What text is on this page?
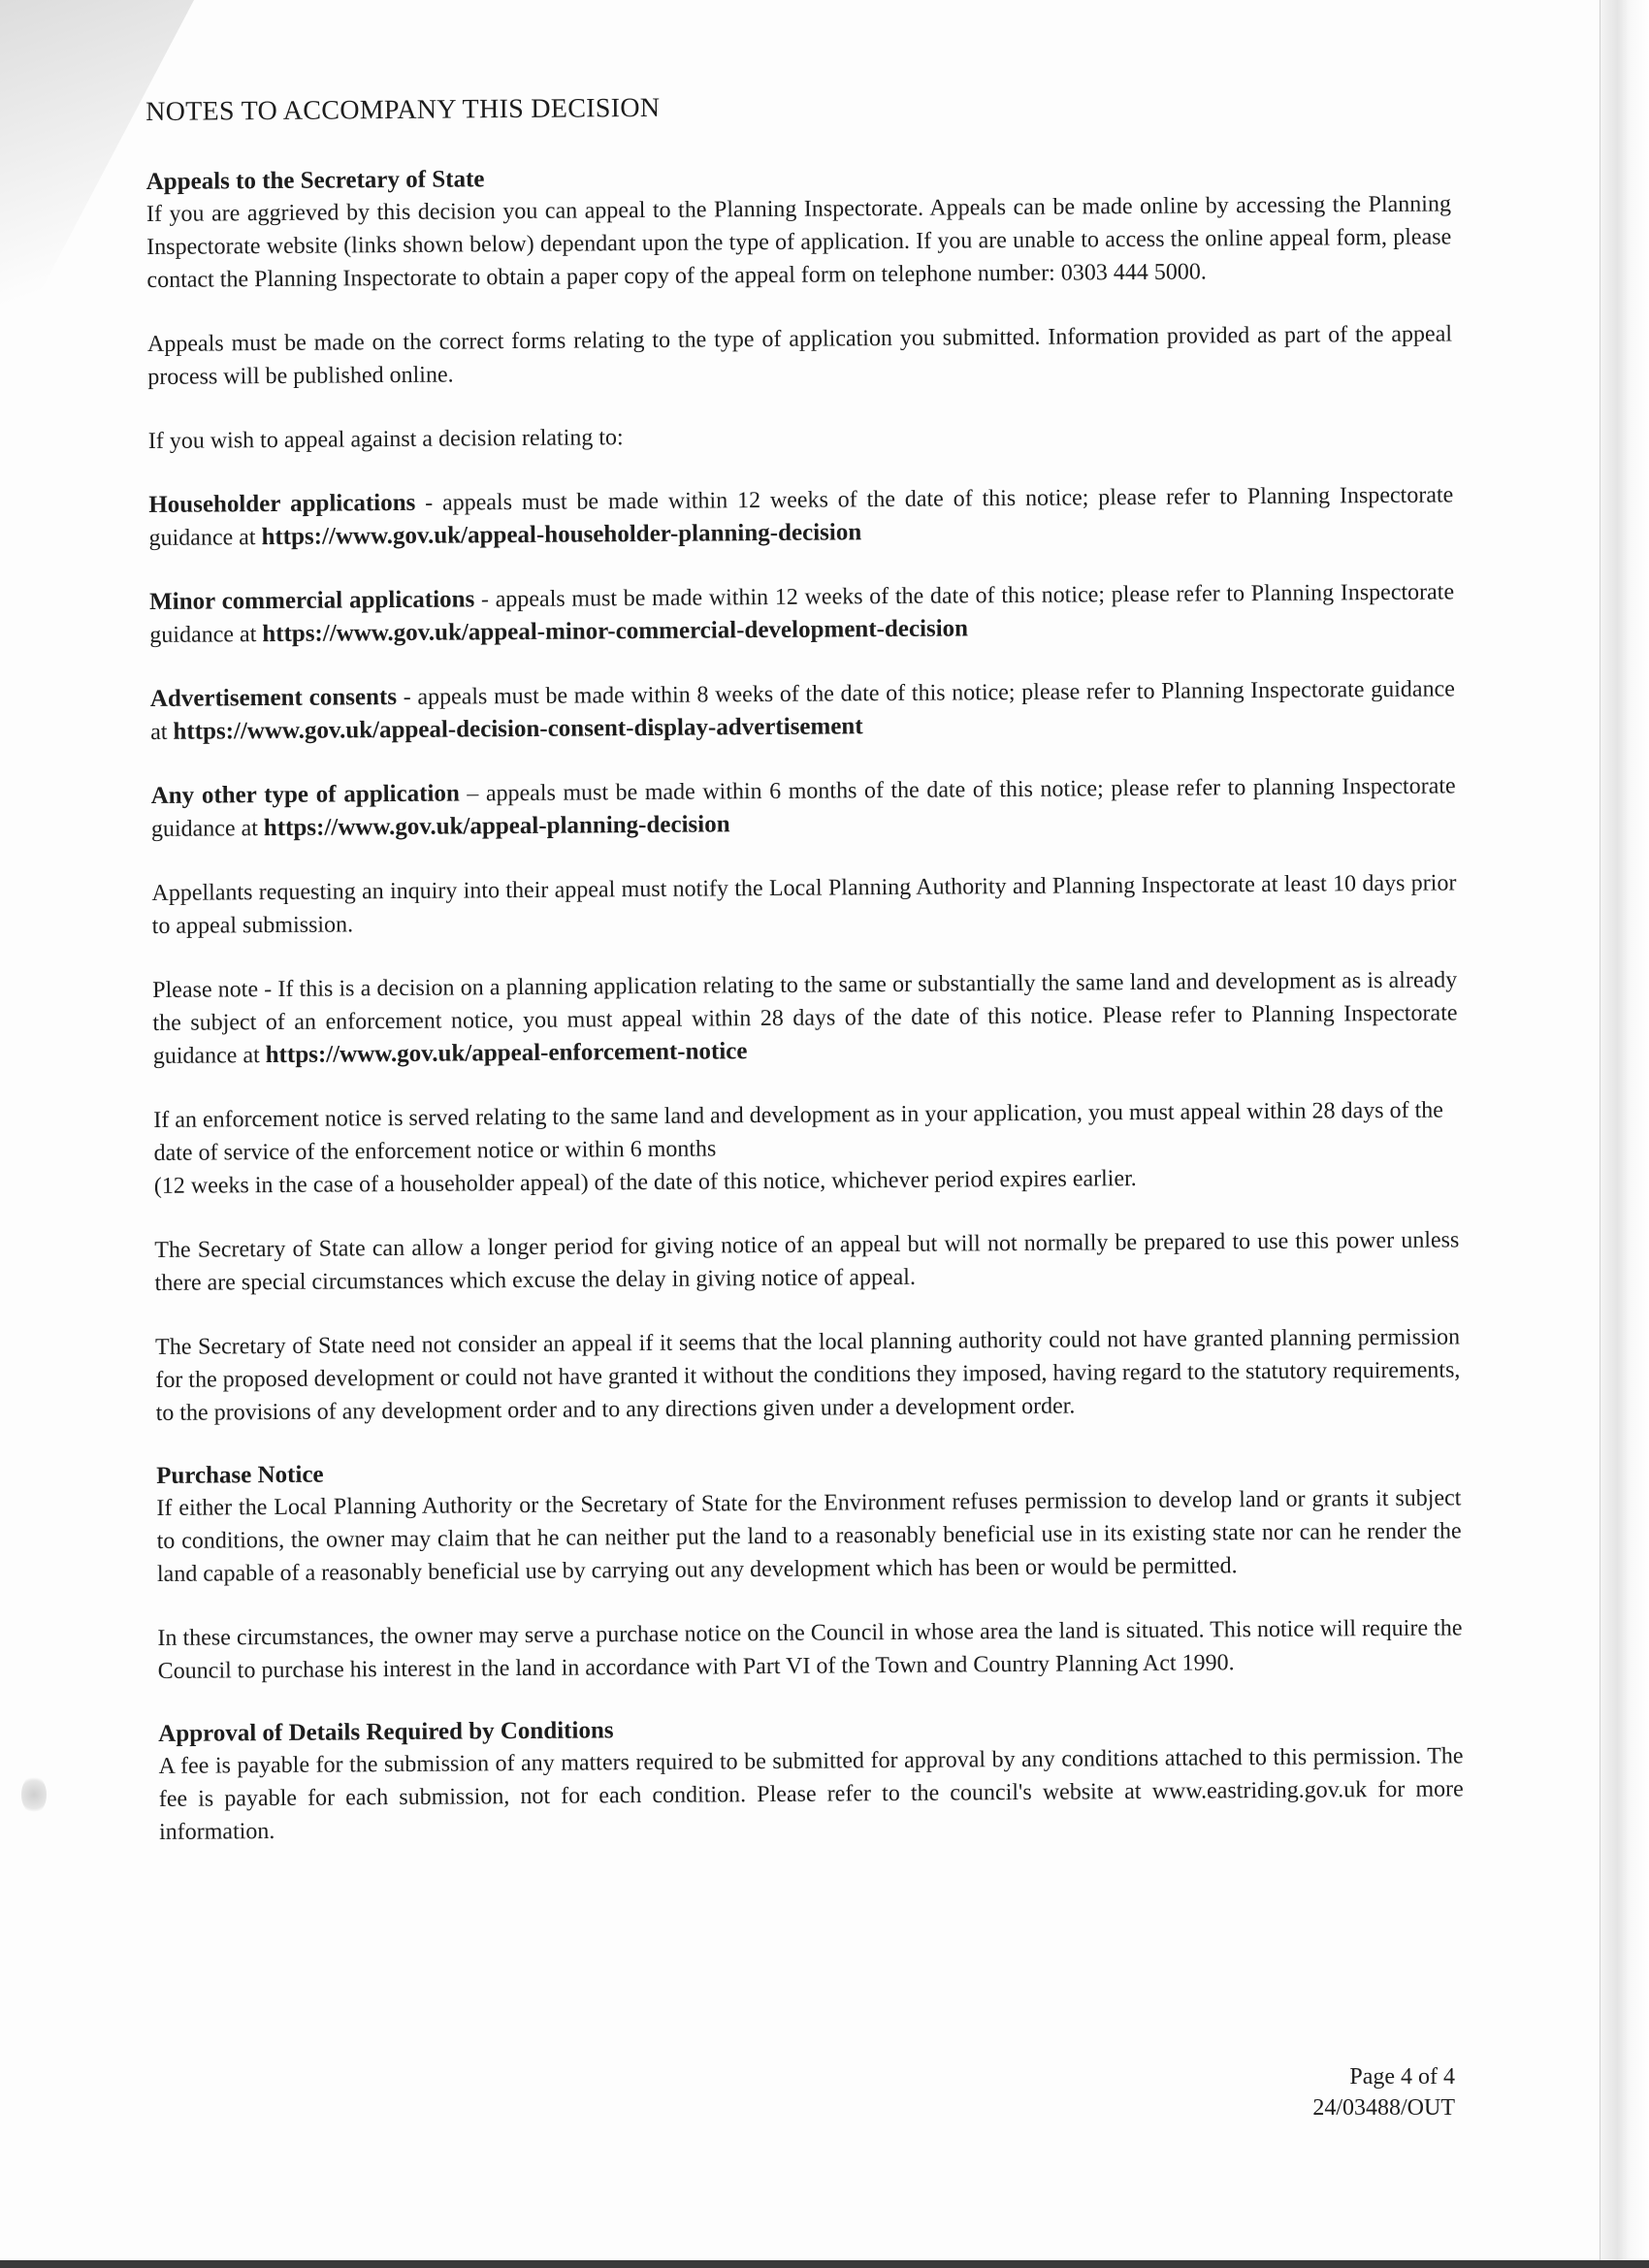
NOTES TO ACCOMPANY THIS DECISION
Appeals to the Secretary of State

If you are aggrieved by this decision you can appeal to the Planning Inspectorate. Appeals can be made online by accessing the Planning Inspectorate website (links shown below) dependant upon the type of application. If you are unable to access the online appeal form, please contact the Planning Inspectorate to obtain a paper copy of the appeal form on telephone number: 0303 444 5000.

Appeals must be made on the correct forms relating to the type of application you submitted. Information provided as part of the appeal process will be published online.

If you wish to appeal against a decision relating to:

Householder applications - appeals must be made within 12 weeks of the date of this notice; please refer to Planning Inspectorate guidance at https://www.gov.uk/appeal-householder-planning-decision

Minor commercial applications - appeals must be made within 12 weeks of the date of this notice; please refer to Planning Inspectorate guidance at https://www.gov.uk/appeal-minor-commercial-development-decision

Advertisement consents - appeals must be made within 8 weeks of the date of this notice; please refer to Planning Inspectorate guidance at https://www.gov.uk/appeal-decision-consent-display-advertisement

Any other type of application – appeals must be made within 6 months of the date of this notice; please refer to planning Inspectorate guidance at https://www.gov.uk/appeal-planning-decision

Appellants requesting an inquiry into their appeal must notify the Local Planning Authority and Planning Inspectorate at least 10 days prior to appeal submission.

Please note - If this is a decision on a planning application relating to the same or substantially the same land and development as is already the subject of an enforcement notice, you must appeal within 28 days of the date of this notice. Please refer to Planning Inspectorate guidance at https://www.gov.uk/appeal-enforcement-notice

If an enforcement notice is served relating to the same land and development as in your application, you must appeal within 28 days of the date of service of the enforcement notice or within 6 months
(12 weeks in the case of a householder appeal) of the date of this notice, whichever period expires earlier.

The Secretary of State can allow a longer period for giving notice of an appeal but will not normally be prepared to use this power unless there are special circumstances which excuse the delay in giving notice of appeal.

The Secretary of State need not consider an appeal if it seems that the local planning authority could not have granted planning permission for the proposed development or could not have granted it without the conditions they imposed, having regard to the statutory requirements, to the provisions of any development order and to any directions given under a development order.

Purchase Notice

If either the Local Planning Authority or the Secretary of State for the Environment refuses permission to develop land or grants it subject to conditions, the owner may claim that he can neither put the land to a reasonably beneficial use in its existing state nor can he render the land capable of a reasonably beneficial use by carrying out any development which has been or would be permitted.

In these circumstances, the owner may serve a purchase notice on the Council in whose area the land is situated. This notice will require the Council to purchase his interest in the land in accordance with Part VI of the Town and Country Planning Act 1990.

Approval of Details Required by Conditions

A fee is payable for the submission of any matters required to be submitted for approval by any conditions attached to this permission. The fee is payable for each submission, not for each condition. Please refer to the council's website at www.eastriding.gov.uk for more information.

Page 4 of 4
24/03488/OUT
